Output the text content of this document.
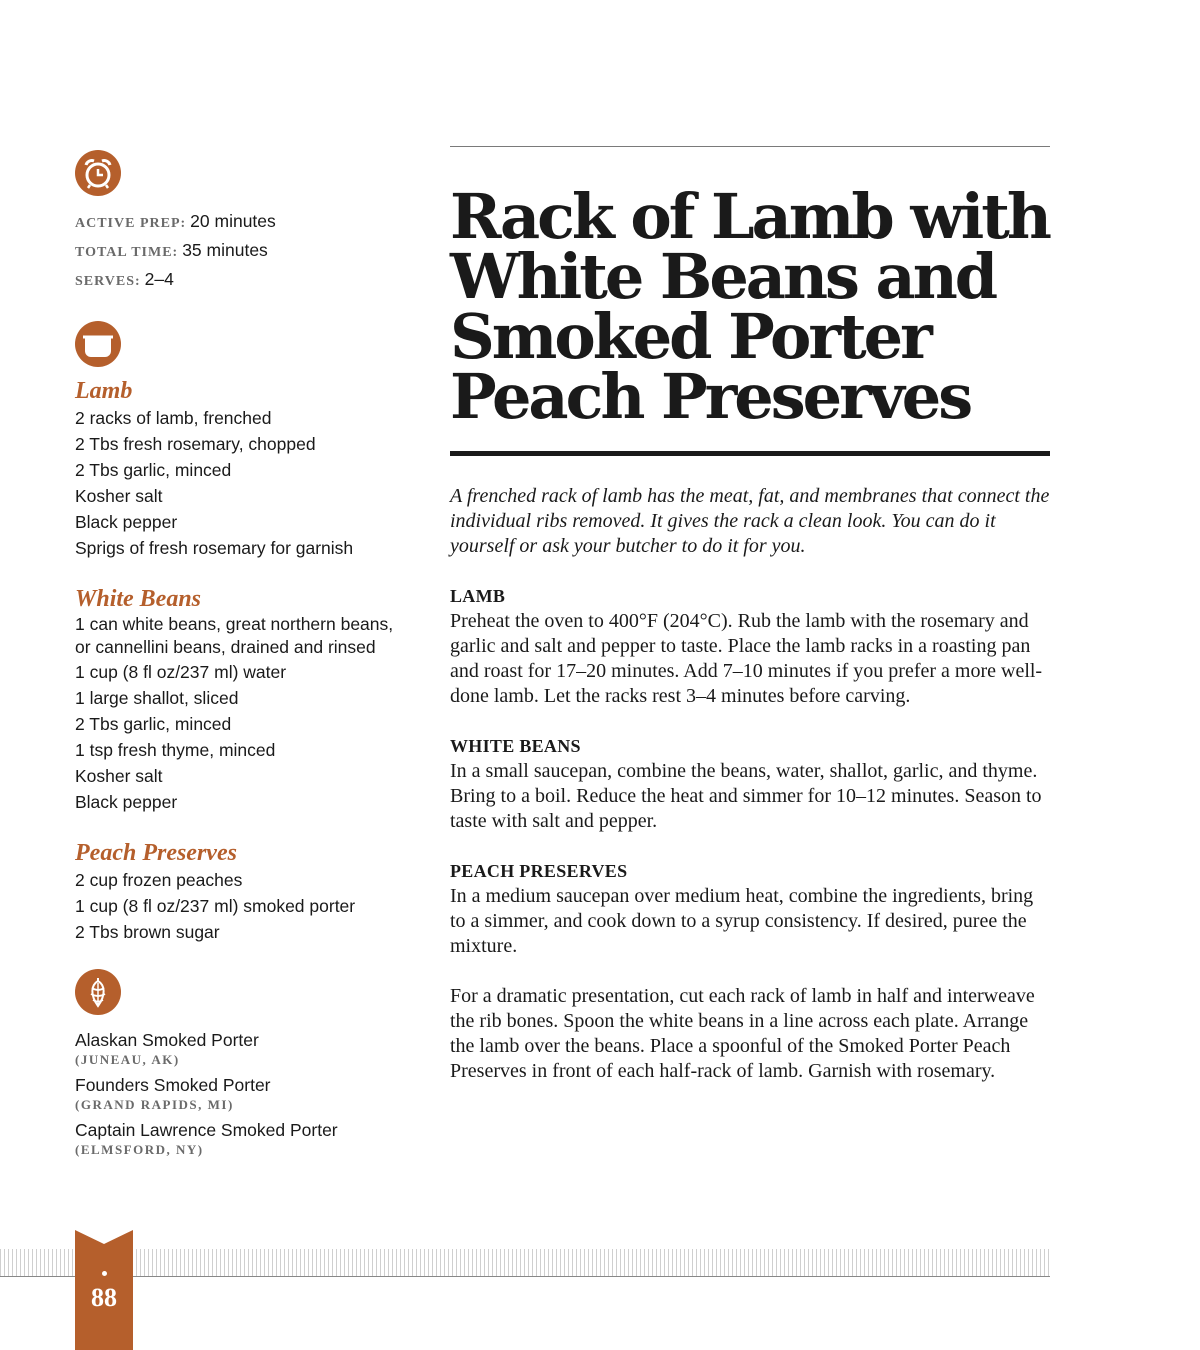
ACTIVE PREP: 20 minutes
TOTAL TIME: 35 minutes
SERVES: 2–4
Lamb
2 racks of lamb, frenched
2 Tbs fresh rosemary, chopped
2 Tbs garlic, minced
Kosher salt
Black pepper
Sprigs of fresh rosemary for garnish
White Beans
1 can white beans, great northern beans, or cannellini beans, drained and rinsed
1 cup (8 fl oz/237 ml) water
1 large shallot, sliced
2 Tbs garlic, minced
1 tsp fresh thyme, minced
Kosher salt
Black pepper
Peach Preserves
2 cup frozen peaches
1 cup (8 fl oz/237 ml) smoked porter
2 Tbs brown sugar
Alaskan Smoked Porter
(JUNEAU, AK)
Founders Smoked Porter
(GRAND RAPIDS, MI)
Captain Lawrence Smoked Porter
(ELMSFORD, NY)
Rack of Lamb with
White Beans and
Smoked Porter
Peach Preserves

A frenched rack of lamb has the meat, fat, and membranes that connect the individual ribs removed. It gives the rack a clean look. You can do it yourself or ask your butcher to do it for you.

LAMB
Preheat the oven to 400°F (204°C). Rub the lamb with the rosemary and garlic and salt and pepper to taste. Place the lamb racks in a roasting pan and roast for 17–20 minutes. Add 7–10 minutes if you prefer a more well-done lamb. Let the racks rest 3–4 minutes before carving.
WHITE BEANS
In a small saucepan, combine the beans, water, shallot, garlic, and thyme. Bring to a boil. Reduce the heat and simmer for 10–12 minutes. Season to taste with salt and pepper.
PEACH PRESERVES
In a medium saucepan over medium heat, combine the ingredients, bring to a simmer, and cook down to a syrup consistency. If desired, puree the mixture.
For a dramatic presentation, cut each rack of lamb in half and interweave the rib bones. Spoon the white beans in a line across each plate. Arrange the lamb over the beans. Place a spoonful of the Smoked Porter Peach Preserves in front of each half-rack of lamb. Garnish with rosemary.
88
